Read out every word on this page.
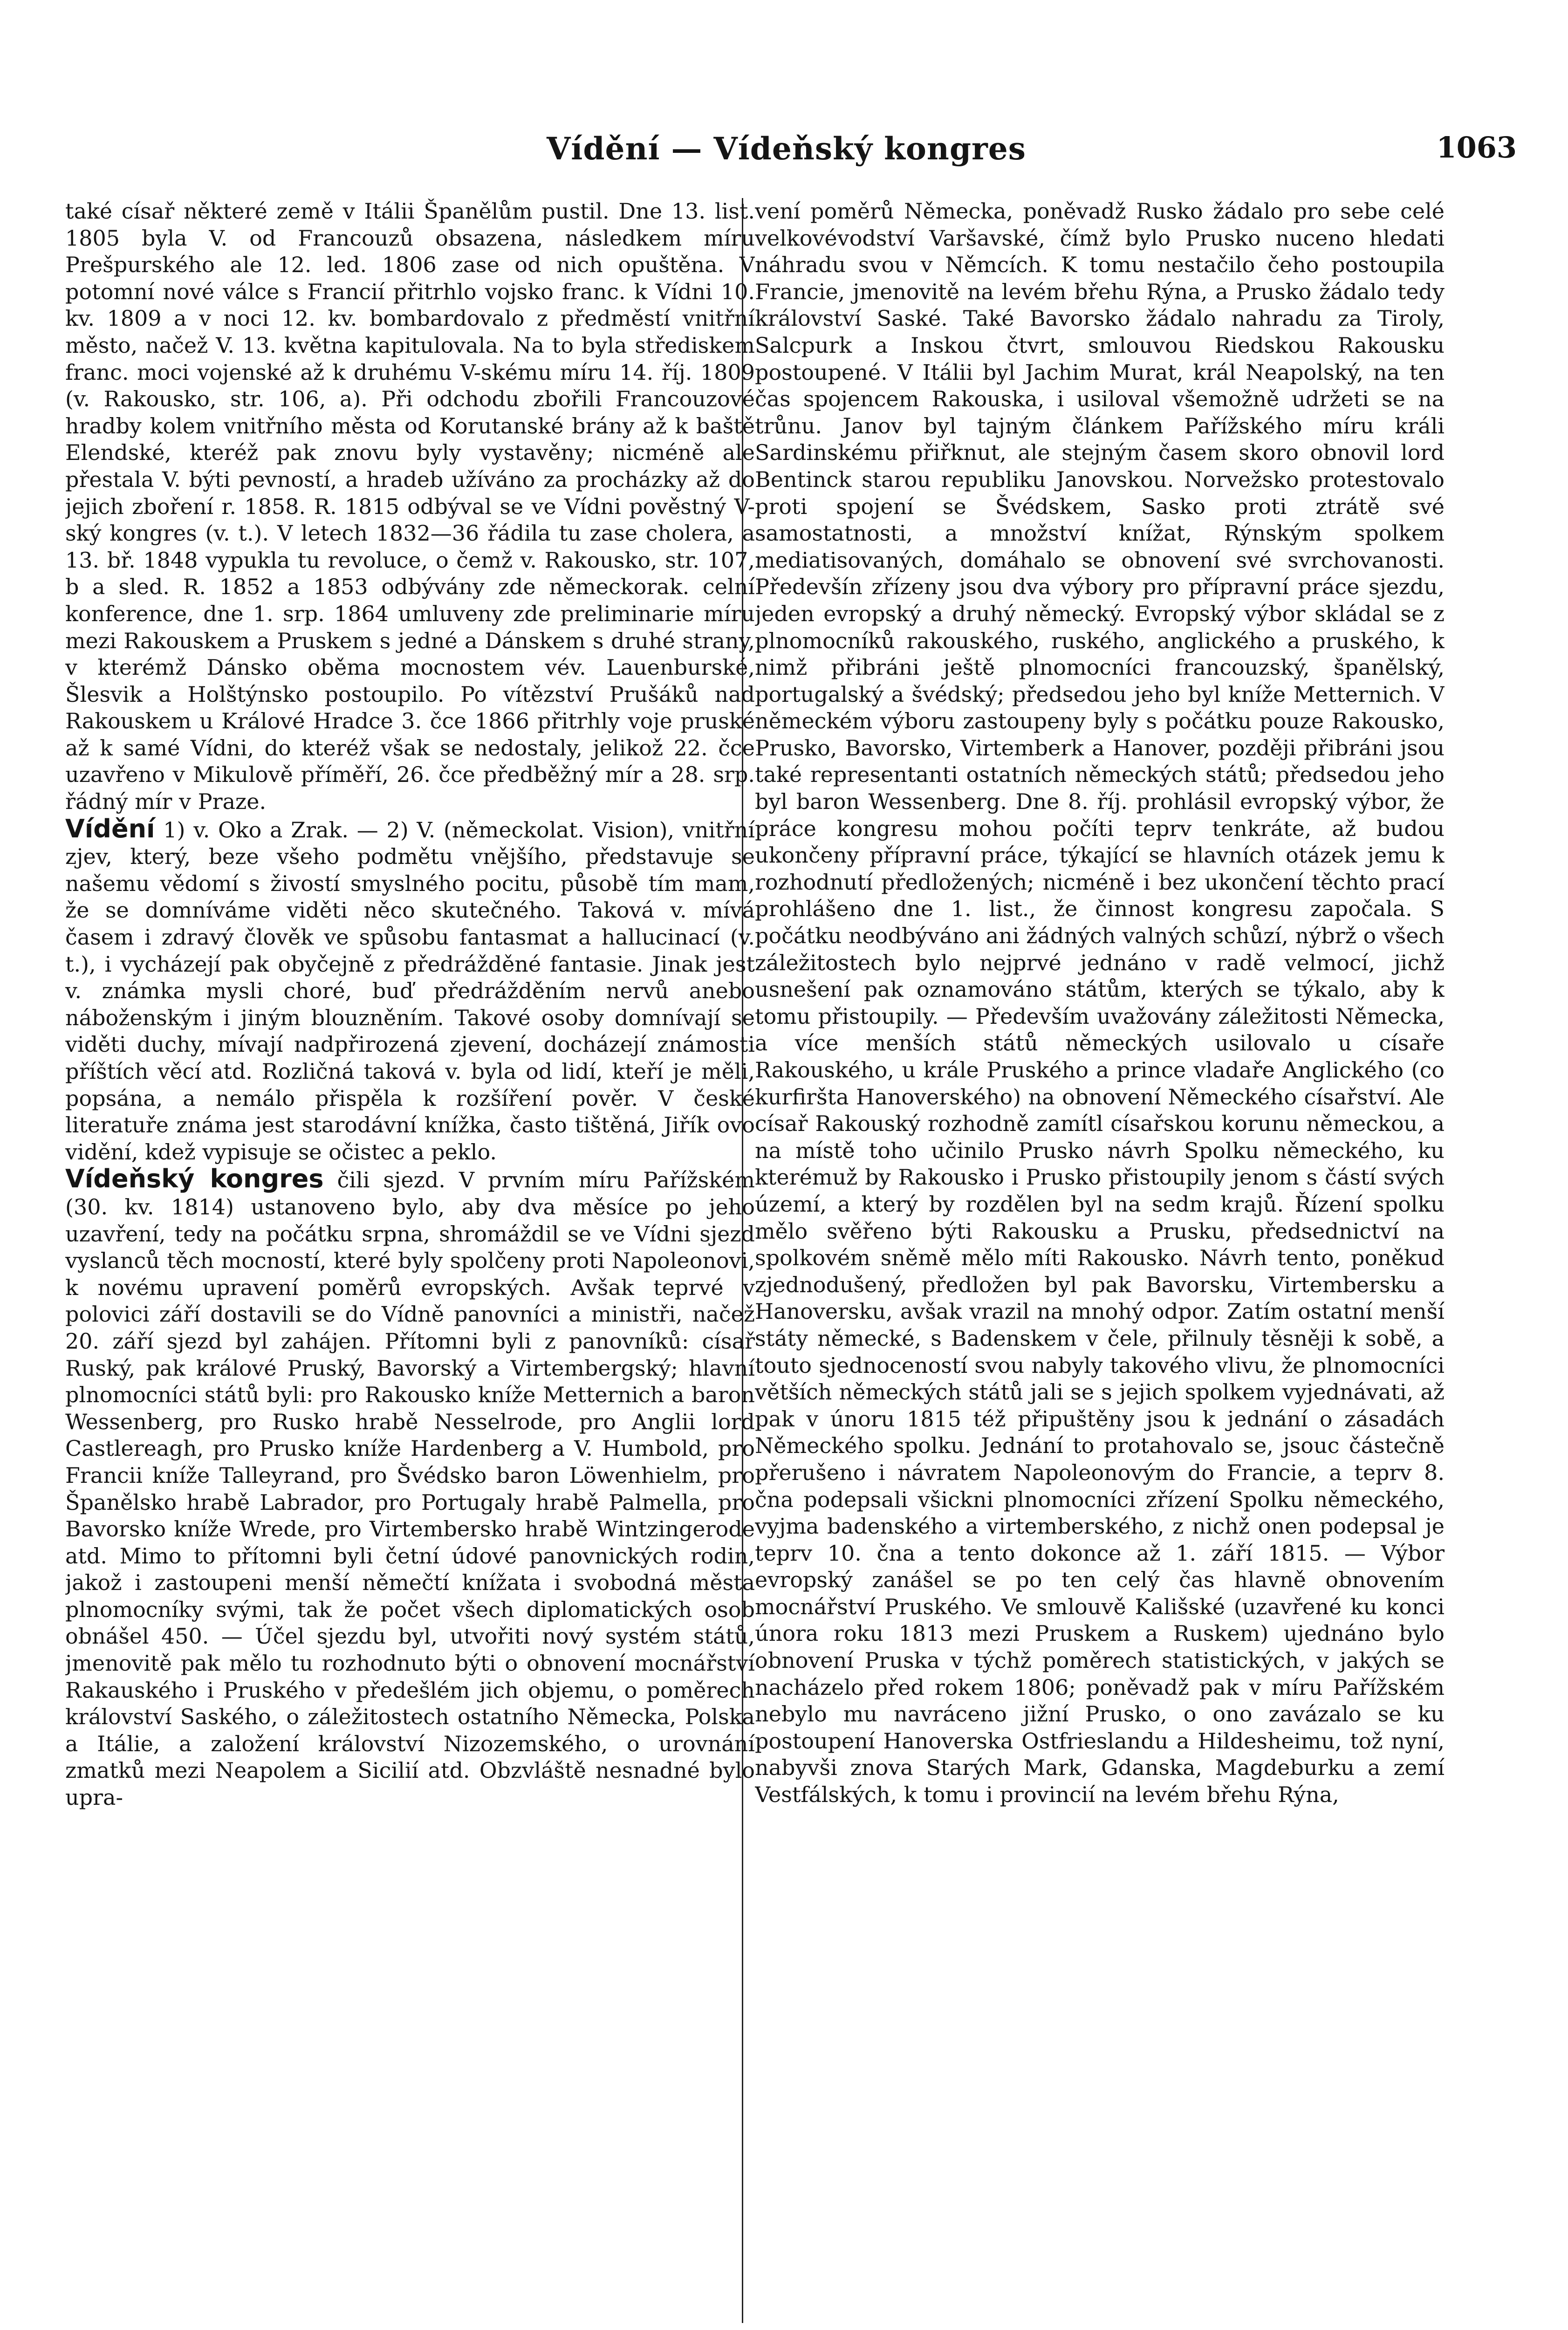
Vídění — Vídeňský kongres	1063

také císař některé země v Itálii Španělům pustil. Dne 13. list. 1805 byla V. od Francouzů obsazena, následkem míru Prešpurského ale 12. led. 1806 zase od nich opuštěna. V potomní nové válce s Francií přitrhlo vojsko franc. k Vídni 10. kv. 1809 a v noci 12. kv. bombardovalo z předměstí vnitřní město, načež V. 13. května kapitulovala. Na to byla střediskem franc. moci vojenské až k druhému V-skému míru 14. říj. 1809 (v. Rakousko, str. 106, a). Při odchodu zbořili Francouzové hradby kolem vnitřního města od Korutanské brány až k baště Elendské, kteréž pak znovu byly vystavěny; nicméně ale přestala V. býti pevností, a hradeb užíváno za procházky až do jejich zboření r. 1858. R. 1815 odbýval se ve Vídni pověstný V-ský kongres (v. t.). V letech 1832—36 řádila tu zase cholera, a 13. bř. 1848 vypukla tu revoluce, o čemž v. Rakousko, str. 107, b a sled. R. 1852 a 1853 odbývány zde německorak. celní konference, dne 1. srp. 1864 umluveny zde preliminarie míru mezi Rakouskem a Pruskem s jedné a Dánskem s druhé strany, v kterémž Dánsko oběma mocnostem vév. Lauenburské, Šlesvik a Holštýnsko postoupilo. Po vítězství Prušáků nad Rakouskem u Králové Hradce 3. čce 1866 přitrhly voje pruské až k samé Vídni, do kteréž však se nedostaly, jelikož 22. čce uzavřeno v Mikulově příměří, 26. čce předběžný mír a 28. srp. řádný mír v Praze.

Vídění 1) v. Oko a Zrak. — 2) V. (německolat. Vision), vnitřní zjev, který, beze všeho podmětu vnějšího, představuje se našemu vědomí s živostí smyslného pocitu, působě tím mam, že se domníváme viděti něco skutečného. Taková v. mívá časem i zdravý člověk ve spůsobu fantasmat a hallucinací (v. t.), i vycházejí pak obyčejně z předrážděné fantasie. Jinak jest v. známka mysli choré, buď předrážděním nervů anebo náboženským i jiným blouzněním. Takové osoby domnívají se viděti duchy, mívají nadpřirozená zjevení, docházejí známosti příštích věcí atd. Rozličná taková v. byla od lidí, kteří je měli, popsána, a nemálo přispěla k rozšíření pověr. V české literatuře známa jest starodávní knížka, často tištěná, Jiřík ovo vidění, kdež vypisuje se očistec a peklo.

Vídeňský kongres čili sjezd. V prvním míru Pařížském (30. kv. 1814) ustanoveno bylo, aby dva měsíce po jeho uzavření, tedy na počátku srpna, shromáždil se ve Vídni sjezd vyslanců těch mocností, které byly spolčeny proti Napoleonovi, k novému upravení poměrů evropských. Avšak teprvé v polovici září dostavili se do Vídně panovníci a ministři, načež 20. září sjezd byl zahájen. Přítomni byli z panovníků: císař Ruský, pak králové Pruský, Bavorský a Virtembergský; hlavní plnomocníci států byli: pro Rakousko kníže Metternich a baron Wessenberg, pro Rusko hrabě Nesselrode, pro Anglii lord Castlereagh, pro Prusko kníže Hardenberg a V. Humbold, pro Francii kníže Talleyrand, pro Švédsko baron Löwenhielm, pro Španělsko hrabě Labrador, pro Portugaly hrabě Palmella, pro Bavorsko kníže Wrede, pro Virtembersko hrabě Wintzingerode atd. Mimo to přítomni byli četní údové panovnických rodin, jakož i zastoupeni menší němečtí knížata i svobodná města plnomocníky svými, tak že počet všech diplomatických osob obnášel 450. — Účel sjezdu byl, utvořiti nový systém států, jmenovitě pak mělo tu rozhodnuto býti o obnovení mocnářství Rakauského i Pruského v předešlém jich objemu, o poměrech království Saského, o záležitostech ostatního Německa, Polska a Itálie, a založení království Nizozemského, o urovnání zmatků mezi Neapolem a Sicilií atd. Obzvláště nesnadné bylo upra-

vení poměrů Německa, poněvadž Rusko žádalo pro sebe celé velkovévodství Varšavské, čímž bylo Prusko nuceno hledati náhradu svou v Němcích. K tomu nestačilo čeho postoupila Francie, jmenovitě na levém břehu Rýna, a Prusko žádalo tedy království Saské. Také Bavorsko žádalo nahradu za Tiroly, Salcpurk a Inskou čtvrt, smlouvou Riedskou Rakousku postoupené. V Itálii byl Jachim Murat, král Neapolský, na ten čas spojencem Rakouska, i usiloval všemožně udržeti se na trůnu. Janov byl tajným článkem Pařížského míru králi Sardinskému přiřknut, ale stejným časem skoro obnovil lord Bentinck starou republiku Janovskou. Norvežsko protestovalo proti spojení se Švédskem, Sasko proti ztrátě své samostatnosti, a množství knížat, Rýnským spolkem mediatisovaných, domáhalo se obnovení své svrchovanosti. Předevšín zřízeny jsou dva výbory pro přípravní práce sjezdu, jeden evropský a druhý německý. Evropský výbor skládal se z plnomocníků rakouského, ruského, anglického a pruského, k nimž přibráni ještě plnomocníci francouzský, španělský, portugalský a švédský; předsedou jeho byl kníže Metternich. V německém výboru zastoupeny byly s počátku pouze Rakousko, Prusko, Bavorsko, Virtemberk a Hanover, později přibráni jsou také representanti ostatních německých států; předsedou jeho byl baron Wessenberg. Dne 8. říj. prohlásil evropský výbor, že práce kongresu mohou počíti teprv tenkráte, až budou ukončeny přípravní práce, týkající se hlavních otázek jemu k rozhodnutí předložených; nicméně i bez ukončení těchto prací prohlášeno dne 1. list., že činnost kongresu započala. S počátku neodbýváno ani žádných valných schůzí, nýbrž o všech záležitostech bylo nejprvé jednáno v radě velmocí, jichž usnešení pak oznamováno státům, kterých se týkalo, aby k tomu přistoupily. — Především uvažovány záležitosti Německa, a více menších států německých usilovalo u císaře Rakouského, u krále Pruského a prince vladaře Anglického (co kurfiršta Hanoverského) na obnovení Německého císařství. Ale císař Rakouský rozhodně zamítl císařskou korunu německou, a na místě toho učinilo Prusko návrh Spolku německého, ku kterémuž by Rakousko i Prusko přistoupily jenom s částí svých území, a který by rozdělen byl na sedm krajů. Řízení spolku mělo svěřeno býti Rakousku a Prusku, předsednictví na spolkovém sněmě mělo míti Rakousko. Návrh tento, poněkud zjednodušený, předložen byl pak Bavorsku, Virtembersku a Hanoversku, avšak vrazil na mnohý odpor. Zatím ostatní menší státy německé, s Badenskem v čele, přilnuly těsněji k sobě, a touto sjednoceností svou nabyly takového vlivu, že plnomocníci větších německých států jali se s jejich spolkem vyjednávati, až pak v únoru 1815 též připuštěny jsou k jednání o zásadách Německého spolku. Jednání to protahovalo se, jsouc částečně přerušeno i návratem Napoleonovým do Francie, a teprv 8. čna podepsali všickni plnomocníci zřízení Spolku německého, vyjma badenského a virtemberského, z nichž onen podepsal je teprv 10. čna a tento dokonce až 1. září 1815. — Výbor evropský zanášel se po ten celý čas hlavně obnovením mocnářství Pruského. Ve smlouvě Kališské (uzavřené ku konci února roku 1813 mezi Pruskem a Ruskem) ujednáno bylo obnovení Pruska v týchž poměrech statistických, v jakých se nacházelo před rokem 1806; poněvadž pak v míru Pařížském nebylo mu navráceno jižní Prusko, o ono zavázalo se ku postoupení Hanoverska Ostfrieslandu a Hildesheimu, tož nyní, nabyvši znova Starých Mark, Gdanska, Magdeburku a zemí Vestfálských, k tomu i provincií na levém břehu Rýna,
